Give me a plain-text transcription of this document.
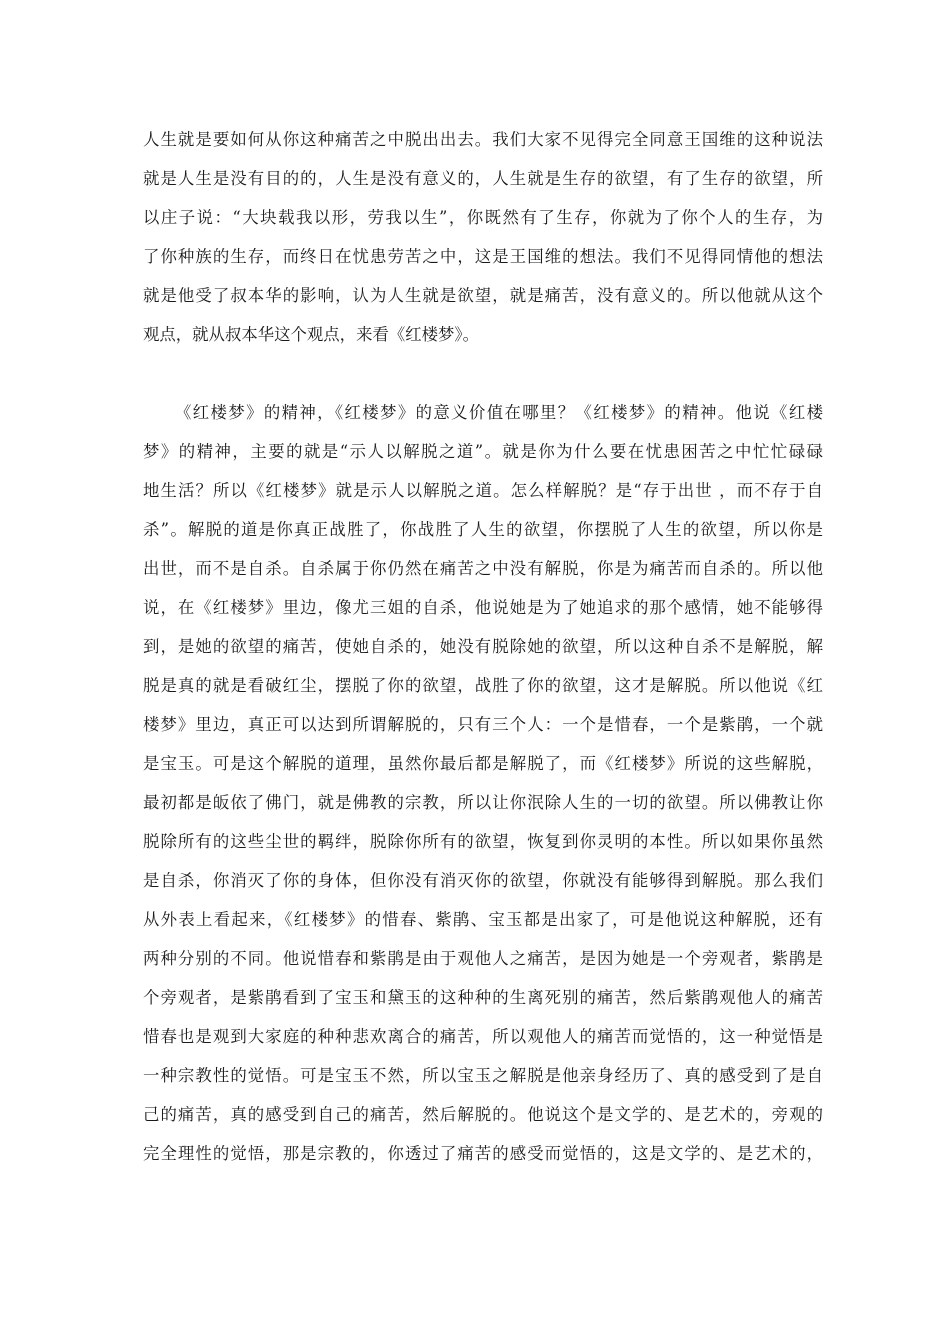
人生就是要如何从你这种痛苦之中脱出出去。我们大家不见得完全同意王国维的这种说法
就是人生是没有目的的，人生是没有意义的，人生就是生存的欲望，有了生存的欲望，所
以庄子说：“大块载我以形，劳我以生”，你既然有了生存，你就为了你个人的生存，为
了你种族的生存，而终日在忧患劳苦之中，这是王国维的想法。我们不见得同情他的想法
就是他受了叔本华的影响，认为人生就是欲望，就是痛苦，没有意义的。所以他就从这个
观点，就从叔本华这个观点，来看《红楼梦》。
《红楼梦》的精神，《红楼梦》的意义价值在哪里？《红楼梦》的精神。他说《红楼
梦》的精神，主要的就是“示人以解脱之道”。就是你为什么要在忧患困苦之中忙忙碌碌
地生活？所以《红楼梦》就是示人以解脱之道。怎么样解脱？是“存于出世 ，而不存于自
杀”。解脱的道是你真正战胜了，你战胜了人生的欲望，你摆脱了人生的欲望，所以你是
出世，而不是自杀。自杀属于你仍然在痛苦之中没有解脱，你是为痛苦而自杀的。所以他
说，在《红楼梦》里边，像尤三姐的自杀，他说她是为了她追求的那个感情，她不能够得
到，是她的欲望的痛苦，使她自杀的，她没有脱除她的欲望，所以这种自杀不是解脱，解
脱是真的就是看破红尘，摆脱了你的欲望，战胜了你的欲望，这才是解脱。所以他说《红
楼梦》里边，真正可以达到所谓解脱的，只有三个人：一个是惜春，一个是紫鹃，一个就
是宝玉。可是这个解脱的道理，虽然你最后都是解脱了，而《红楼梦》所说的这些解脱，
最初都是皈依了佛门，就是佛教的宗教，所以让你泯除人生的一切的欲望。所以佛教让你
脱除所有的这些尘世的羁绊，脱除你所有的欲望，恢复到你灵明的本性。所以如果你虽然
是自杀，你消灭了你的身体，但你没有消灭你的欲望，你就没有能够得到解脱。那么我们
从外表上看起来，《红楼梦》的惜春、紫鹃、宝玉都是出家了，可是他说这种解脱，还有
两种分别的不同。他说惜春和紫鹃是由于观他人之痛苦，是因为她是一个旁观者，紫鹃是
个旁观者，是紫鹃看到了宝玉和黛玉的这种种的生离死别的痛苦，然后紫鹃观他人的痛苦
惜春也是观到大家庭的种种悲欢离合的痛苦，所以观他人的痛苦而觉悟的，这一种觉悟是
一种宗教性的觉悟。可是宝玉不然，所以宝玉之解脱是他亲身经历了、真的感受到了是自
己的痛苦，真的感受到自己的痛苦，然后解脱的。他说这个是文学的、是艺术的，旁观的
完全理性的觉悟，那是宗教的，你透过了痛苦的感受而觉悟的，这是文学的、是艺术的，
